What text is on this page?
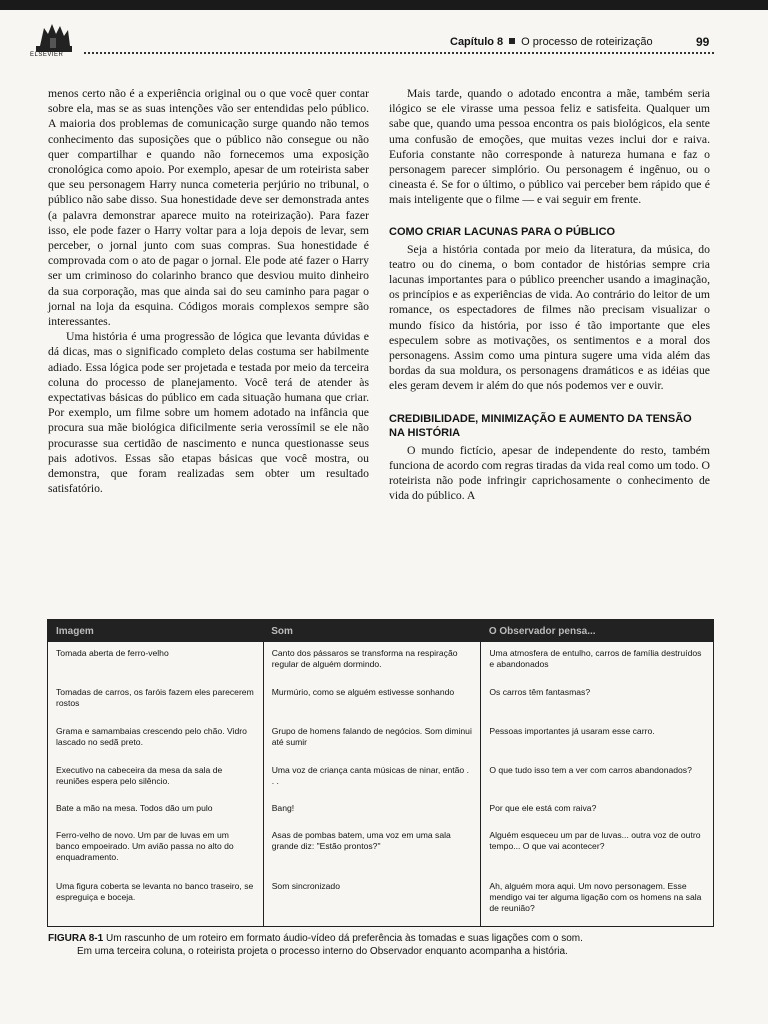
ELSEVIER
Capítulo 8 O processo de roteirização	99

menos certo não é a experiência original ou o que você quer contar sobre ela, mas se as suas intenções vão ser entendidas pelo público. A maioria dos problemas de comunicação surge quando não temos conhecimento das suposições que o público não consegue ou não quer compartilhar e quando não fornecemos uma exposição cronológica como apoio. Por exemplo, apesar de um roteirista saber que seu personagem Harry nunca cometeria perjúrio no tribunal, o público não sabe disso. Sua honestidade deve ser demonstrada antes (a palavra demonstrar aparece muito na roteirização). Para fazer isso, ele pode fazer o Harry voltar para a loja depois de levar, sem perceber, o jornal junto com suas compras. Sua honestidade é comprovada com o ato de pagar o jornal. Ele pode até fazer o Harry ser um criminoso do colarinho branco que desviou muito dinheiro da sua corporação, mas que ainda sai do seu caminho para pagar o jornal na loja da esquina. Códigos morais complexos sempre são interessantes.

Uma história é uma progressão de lógica que levanta dúvidas e dá dicas, mas o significado completo delas costuma ser habilmente adiado. Essa lógica pode ser projetada e testada por meio da terceira coluna do processo de planejamento. Você terá de atender às expectativas básicas do público em cada situação humana que criar. Por exemplo, um filme sobre um homem adotado na infância que procura sua mãe biológica dificilmente seria verossímil se ele não procurasse sua certidão de nascimento e nunca questionasse seus pais adotivos. Essas são etapas básicas que você mostra, ou demonstra, que foram realizadas sem obter um resultado satisfatório.

Mais tarde, quando o adotado encontra a mãe, também seria ilógico se ele virasse uma pessoa feliz e satisfeita. Qualquer um sabe que, quando uma pessoa encontra os pais biológicos, ela sente uma confusão de emoções, que muitas vezes inclui dor e raiva. Euforia constante não corresponde à natureza humana e faz o personagem parecer simplório. Ou personagem é ingênuo, ou o cineasta é. Se for o último, o público vai perceber bem rápido que é mais inteligente que o filme — e vai seguir em frente.

COMO CRIAR LACUNAS PARA O PÚBLICO

Seja a história contada por meio da literatura, da música, do teatro ou do cinema, o bom contador de histórias sempre cria lacunas importantes para o público preencher usando a imaginação, os princípios e as experiências de vida. Ao contrário do leitor de um romance, os espectadores de filmes não precisam visualizar o mundo físico da história, por isso é tão importante que eles especulem sobre as motivações, os sentimentos e a moral dos personagens. Assim como uma pintura sugere uma vida além das bordas da sua moldura, os personagens dramáticos e as idéias que eles geram devem ir além do que nós podemos ver e ouvir.

CREDIBILIDADE, MINIMIZAÇÃO E AUMENTO DA TENSÃO NA HISTÓRIA

O mundo fictício, apesar de independente do resto, também funciona de acordo com regras tiradas da vida real como um todo. O roteirista não pode infringir caprichosamente o conhecimento de vida do público. A

Imagem	Som	O Observador pensa...
Tomada aberta de ferro-velho	Canto dos pássaros se transforma na respiração regular de alguém dormindo.	Uma atmosfera de entulho, carros de família destruídos e abandonados
Tomadas de carros, os faróis fazem eles parecerem rostos	Murmúrio, como se alguém estivesse sonhando	Os carros têm fantasmas?
Grama e samambaias crescendo pelo chão. Vidro lascado no sedã preto.	Grupo de homens falando de negócios. Som diminui até sumir	Pessoas importantes já usaram esse carro.
Executivo na cabeceira da mesa da sala de reuniões espera pelo silêncio.	Uma voz de criança canta músicas de ninar, então . . .	O que tudo isso tem a ver com carros abandonados?
Bate a mão na mesa. Todos dão um pulo	Bang!	Por que ele está com raiva?
Ferro-velho de novo. Um par de luvas em um banco empoeirado. Um avião passa no alto do enquadramento.	Asas de pombas batem, uma voz em uma sala grande diz: "Estão prontos?"	Alguém esqueceu um par de luvas... outra voz de outro tempo... O que vai acontecer?
Uma figura coberta se levanta no banco traseiro, se espreguiça e boceja.	Som sincronizado	Ah, alguém mora aqui. Um novo personagem. Esse mendigo vai ter alguma ligação com os homens na sala de reunião?
FIGURA 8-1 Um rascunho de um roteiro em formato áudio-vídeo dá preferência às tomadas e suas ligações com o som.
Em uma terceira coluna, o roteirista projeta o processo interno do Observador enquanto acompanha a história.
